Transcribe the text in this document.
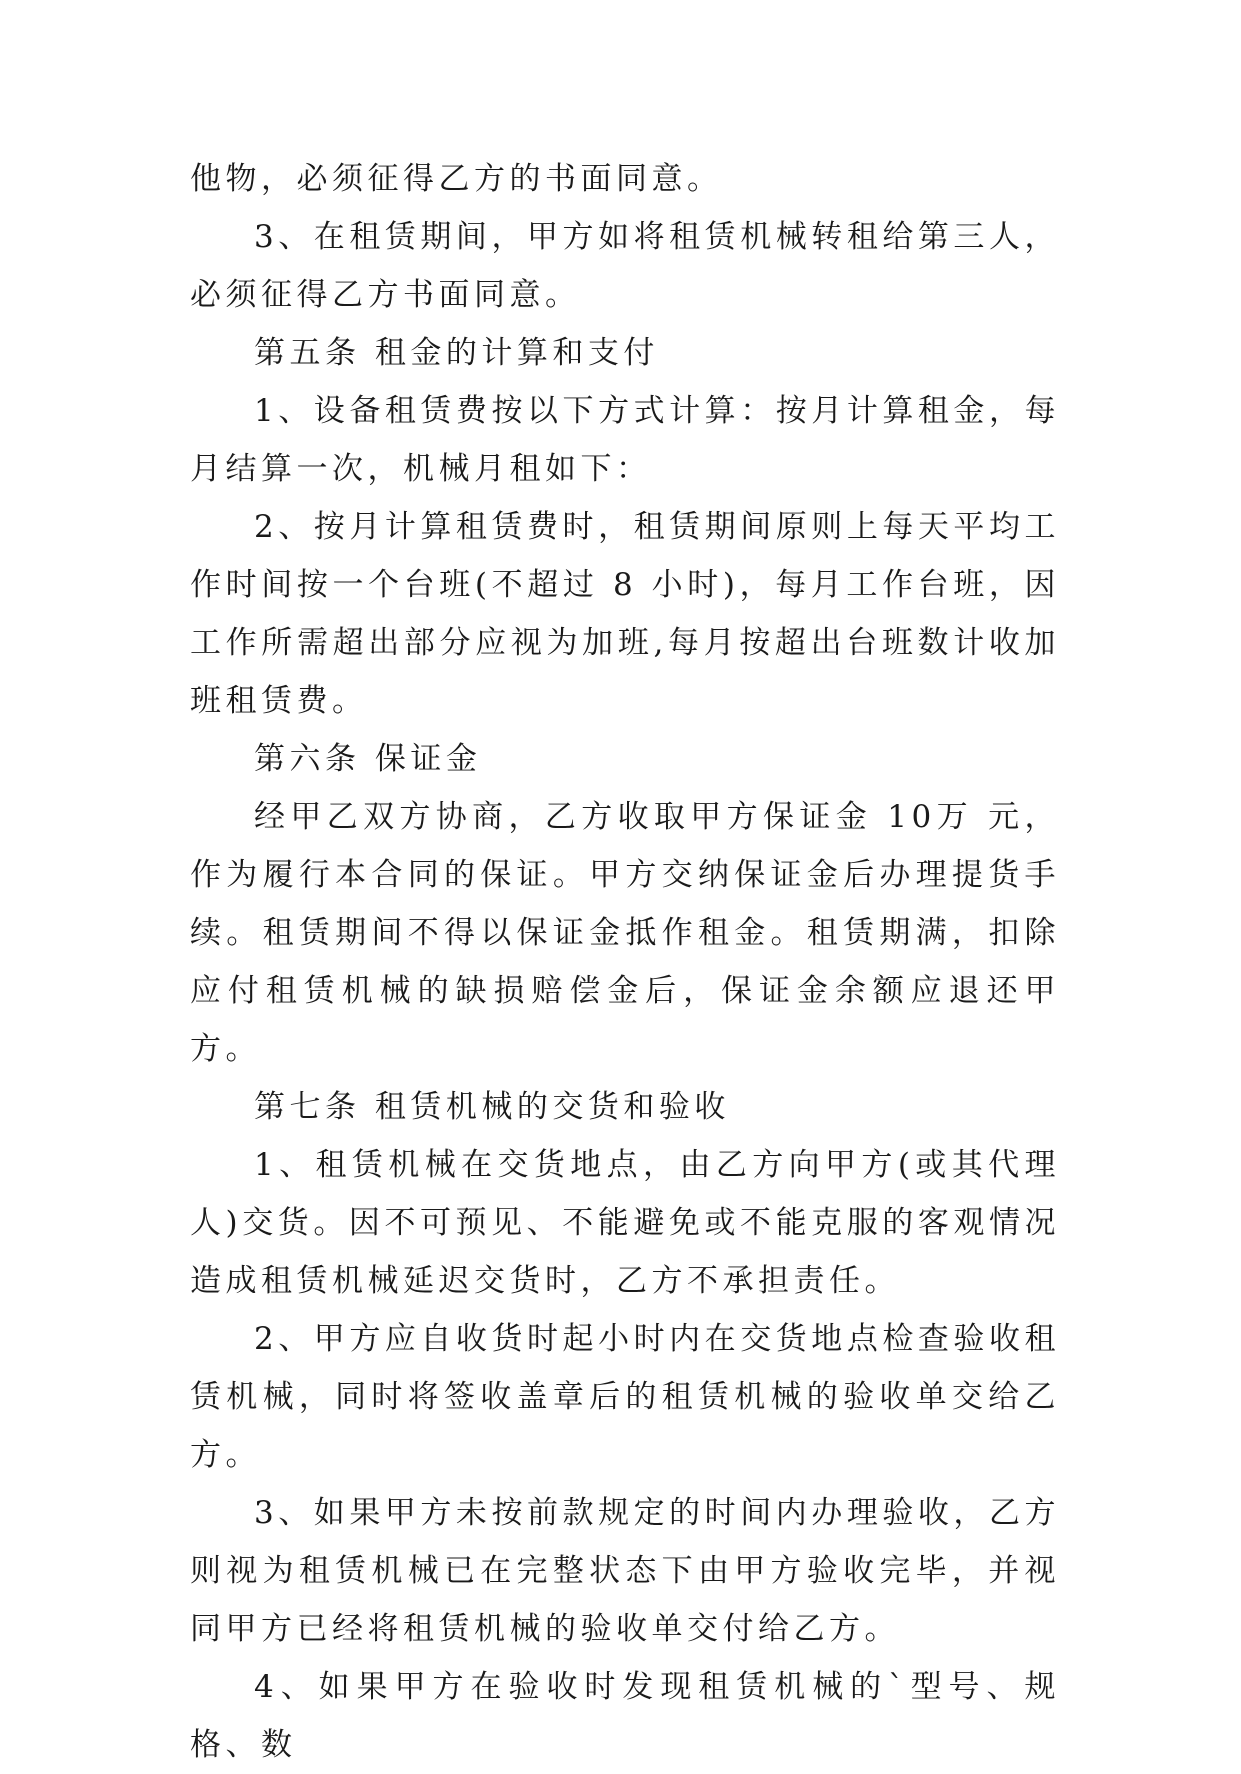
他物，必须征得乙方的书面同意。

3、在租赁期间，甲方如将租赁机械转租给第三人，必须征得乙方书面同意。

第五条 租金的计算和支付

1、设备租赁费按以下方式计算：按月计算租金，每月结算一次，机械月租如下：

2、按月计算租赁费时，租赁期间原则上每天平均工作时间按一个台班(不超过 8 小时)，每月工作台班，因工作所需超出部分应视为加班,每月按超出台班数计收加班租赁费。

第六条 保证金

经甲乙双方协商，乙方收取甲方保证金 10万 元，作为履行本合同的保证。甲方交纳保证金后办理提货手续。租赁期间不得以保证金抵作租金。租赁期满，扣除应付租赁机械的缺损赔偿金后，保证金余额应退还甲方。

第七条 租赁机械的交货和验收

1、租赁机械在交货地点，由乙方向甲方(或其代理人)交货。因不可预见、不能避免或不能克服的客观情况造成租赁机械延迟交货时，乙方不承担责任。

2、甲方应自收货时起小时内在交货地点检查验收租赁机械，同时将签收盖章后的租赁机械的验收单交给乙方。

3、如果甲方未按前款规定的时间内办理验收，乙方则视为租赁机械已在完整状态下由甲方验收完毕，并视同甲方已经将租赁机械的验收单交付给乙方。

4、如果甲方在验收时发现租赁机械的`型号、规格、数
